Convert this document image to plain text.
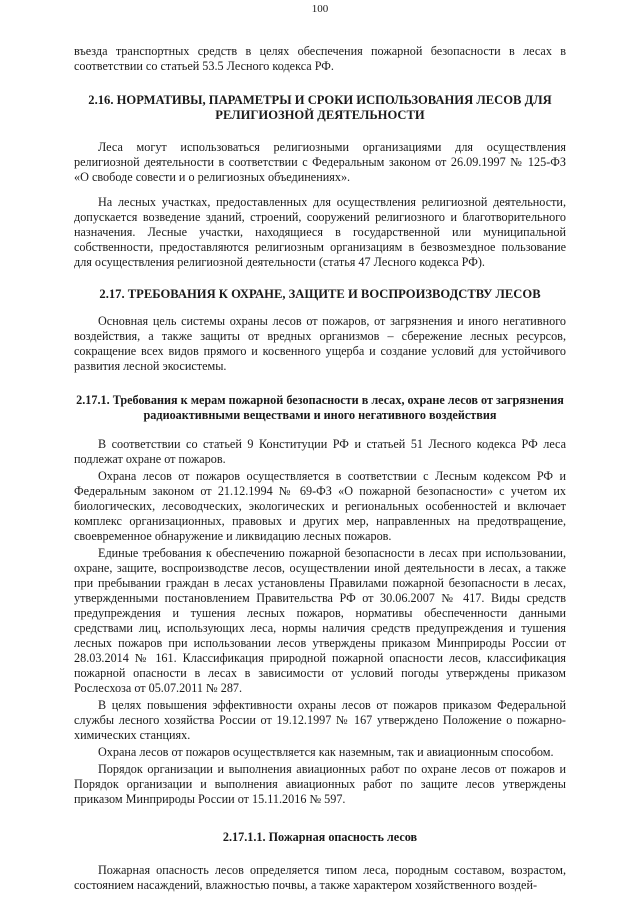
100

въезда транспортных средств в целях обеспечения пожарной безопасности в лесах в соответствии со статьей 53.5 Лесного кодекса РФ.

2.16. НОРМАТИВЫ, ПАРАМЕТРЫ И СРОКИ ИСПОЛЬЗОВАНИЯ ЛЕСОВ ДЛЯ РЕЛИГИОЗНОЙ ДЕЯТЕЛЬНОСТИ

Леса могут использоваться религиозными организациями для осуществления религиозной деятельности в соответствии с Федеральным законом от 26.09.1997 № 125-ФЗ «О свободе совести и о религиозных объединениях».

На лесных участках, предоставленных для осуществления религиозной деятельности, допускается возведение зданий, строений, сооружений религиозного и благотворительного назначения. Лесные участки, находящиеся в государственной или муниципальной собственности, предоставляются религиозным организациям в безвозмездное пользование для осуществления религиозной деятельности (статья 47 Лесного кодекса РФ).

2.17. ТРЕБОВАНИЯ К ОХРАНЕ, ЗАЩИТЕ И ВОСПРОИЗВОДСТВУ ЛЕСОВ

Основная цель системы охраны лесов от пожаров, от загрязнения и иного негативного воздействия, а также защиты от вредных организмов – сбережение лесных ресурсов, сокращение всех видов прямого и косвенного ущерба и создание условий для устойчивого развития лесной экосистемы.

2.17.1. Требования к мерам пожарной безопасности в лесах, охране лесов от загрязнения радиоактивными веществами и иного негативного воздействия

В соответствии со статьей 9 Конституции РФ и статьей 51 Лесного кодекса РФ леса подлежат охране от пожаров.

Охрана лесов от пожаров осуществляется в соответствии с Лесным кодексом РФ и Федеральным законом от 21.12.1994 № 69-ФЗ «О пожарной безопасности» с учетом их биологических, лесоводческих, экологических и региональных особенностей и включает комплекс организационных, правовых и других мер, направленных на предотвращение, своевременное обнаружение и ликвидацию лесных пожаров.

Единые требования к обеспечению пожарной безопасности в лесах при использовании, охране, защите, воспроизводстве лесов, осуществлении иной деятельности в лесах, а также при пребывании граждан в лесах установлены Правилами пожарной безопасности в лесах, утвержденными постановлением Правительства РФ от 30.06.2007 № 417. Виды средств предупреждения и тушения лесных пожаров, нормативы обеспеченности данными средствами лиц, использующих леса, нормы наличия средств предупреждения и тушения лесных пожаров при использовании лесов утверждены приказом Минприроды России от 28.03.2014 № 161. Классификация природной пожарной опасности лесов, классификация пожарной опасности в лесах в зависимости от условий погоды утверждены приказом Рослесхоза от 05.07.2011 № 287.

В целях повышения эффективности охраны лесов от пожаров приказом Федеральной службы лесного хозяйства России от 19.12.1997 № 167 утверждено Положение о пожарно-химических станциях.

Охрана лесов от пожаров осуществляется как наземным, так и авиационным способом.

Порядок организации и выполнения авиационных работ по охране лесов от пожаров и Порядок организации и выполнения авиационных работ по защите лесов утверждены приказом Минприроды России от 15.11.2016 № 597.

2.17.1.1. Пожарная опасность лесов

Пожарная опасность лесов определяется типом леса, породным составом, возрастом, состоянием насаждений, влажностью почвы, а также характером хозяйственного воздей-
